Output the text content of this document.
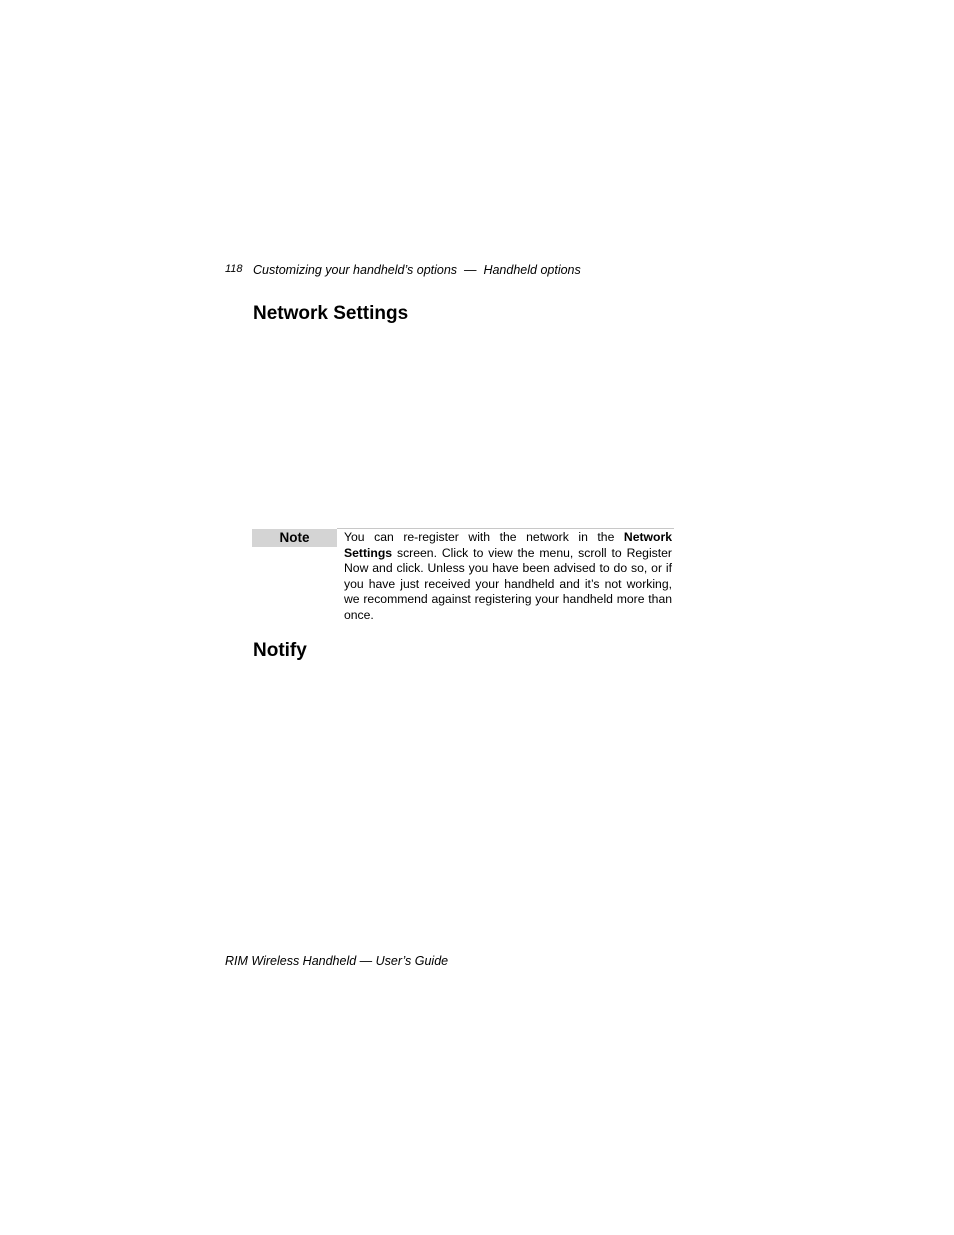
118 Customizing your handheld’s options  —  Handheld options
Network Settings
Note	You can re-register with the network in the Network Settings screen. Click to view the menu, scroll to Register Now and click. Unless you have been advised to do so, or if you have just received your handheld and it’s not working, we recommend against registering your handheld more than once.

Notify
RIM Wireless Handheld — User’s Guide
